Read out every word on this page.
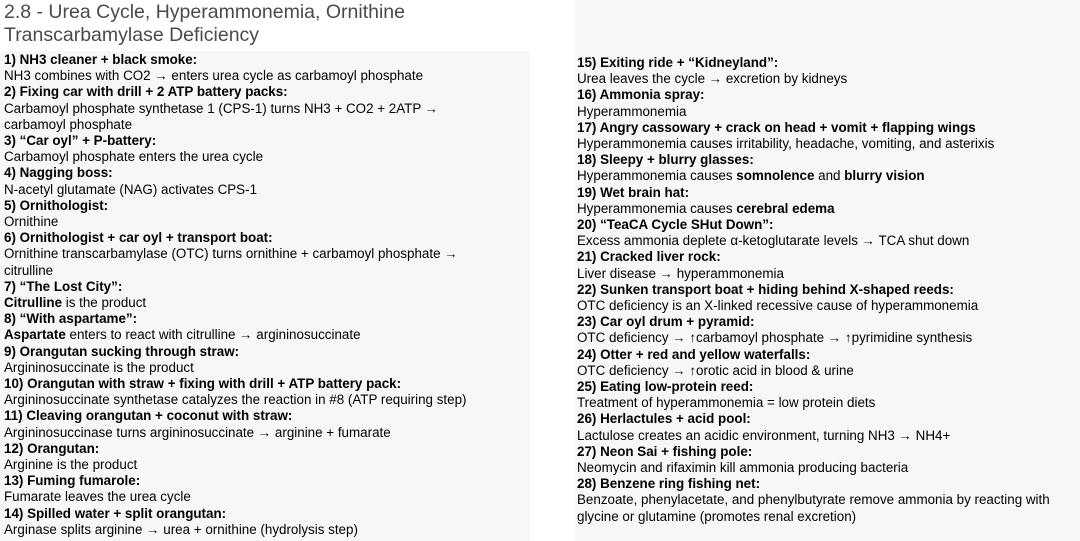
2.8 - Urea Cycle, Hyperammonemia, Ornithine
Transcarbamylase Deficiency
1) NH3 cleaner + black smoke:
NH3 combines with CO2 → enters urea cycle as carbamoyl phosphate
2) Fixing car with drill + 2 ATP battery packs:
Carbamoyl phosphate synthetase 1 (CPS-1) turns NH3 + CO2 + 2ATP →
carbamoyl phosphate
3) “Car oyl” + P-battery:
Carbamoyl phosphate enters the urea cycle
4) Nagging boss:
N-acetyl glutamate (NAG) activates CPS-1
5) Ornithologist:
Ornithine
6) Ornithologist + car oyl + transport boat:
Ornithine transcarbamylase (OTC) turns ornithine + carbamoyl phosphate →
citrulline
7) “The Lost City”:
Citrulline is the product
8) “With aspartame”:
Aspartate enters to react with citrulline → argininosuccinate
9) Orangutan sucking through straw:
Argininosuccinate is the product
10) Orangutan with straw + fixing with drill + ATP battery pack:
Argininosuccinate synthetase catalyzes the reaction in #8 (ATP requiring step)
11) Cleaving orangutan + coconut with straw:
Argininosuccinase turns argininosuccinate → arginine + fumarate
12) Orangutan:
Arginine is the product
13) Fuming fumarole:
Fumarate leaves the urea cycle
14) Spilled water + split orangutan:
Arginase splits arginine → urea + ornithine (hydrolysis step)
15) Exiting ride + “Kidneyland”:
Urea leaves the cycle → excretion by kidneys
16) Ammonia spray:
Hyperammonemia
17) Angry cassowary + crack on head + vomit + flapping wings
Hyperammonemia causes irritability, headache, vomiting, and asterixis
18) Sleepy + blurry glasses:
Hyperammonemia causes somnolence and blurry vision
19) Wet brain hat:
Hyperammonemia causes cerebral edema
20) “TeaCA Cycle SHut Down”:
Excess ammonia deplete α-ketoglutarate levels → TCA shut down
21) Cracked liver rock:
Liver disease → hyperammonemia
22) Sunken transport boat + hiding behind X-shaped reeds:
OTC deficiency is an X-linked recessive cause of hyperammonemia
23) Car oyl drum + pyramid:
OTC deficiency → ↑carbamoyl phosphate → ↑pyrimidine synthesis
24) Otter + red and yellow waterfalls:
OTC deficiency → ↑orotic acid in blood & urine
25) Eating low-protein reed:
Treatment of hyperammonemia = low protein diets
26) Herlactules + acid pool:
Lactulose creates an acidic environment, turning NH3 → NH4+
27) Neon Sai + fishing pole:
Neomycin and rifaximin kill ammonia producing bacteria
28) Benzene ring fishing net:
Benzoate, phenylacetate, and phenylbutyrate remove ammonia by reacting with
glycine or glutamine (promotes renal excretion)
